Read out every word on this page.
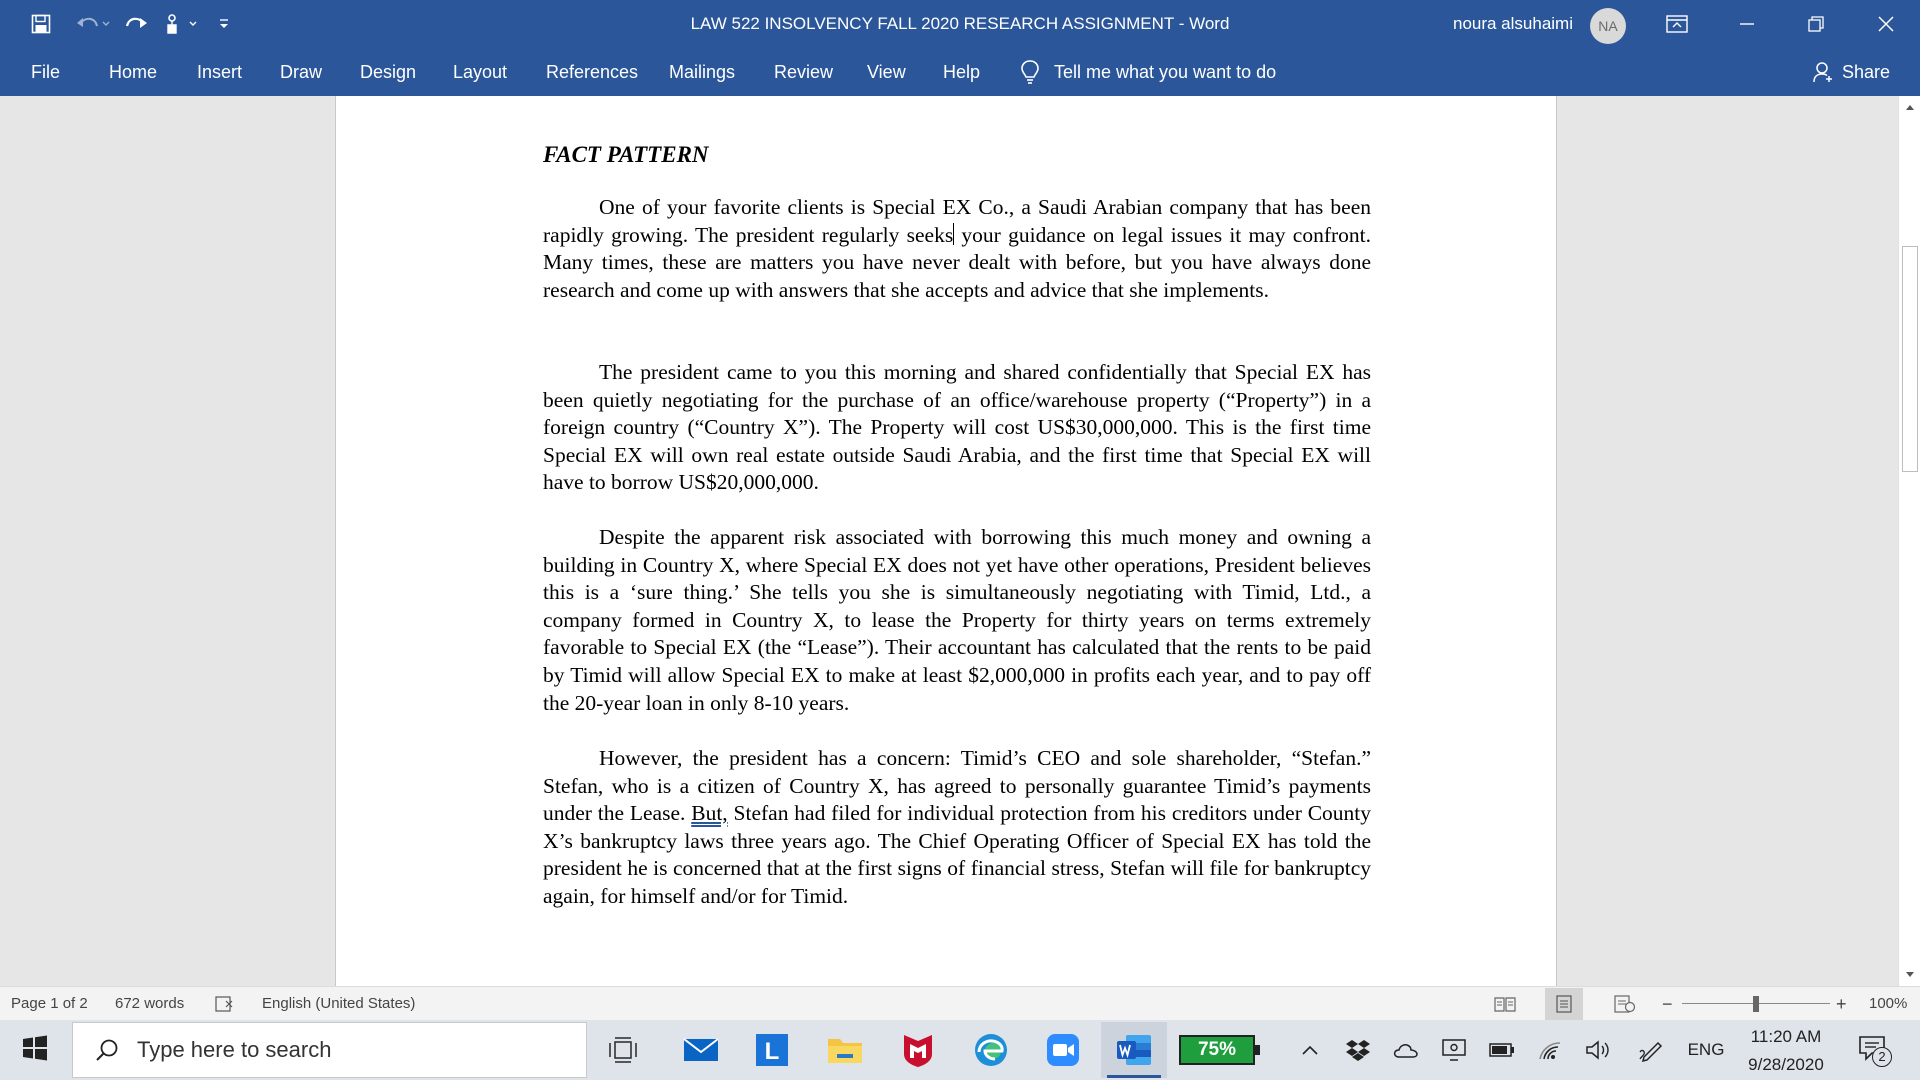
LAW 522 INSOLVENCY FALL 2020 RESEARCH ASSIGNMENT - Word	noura alsuhaimi	NA
File	Home Insert Draw Design Layout References Mailings Review View Help	Tell me what you want to do	Share
FACT PATTERN

One of your favorite clients is Special EX Co., a Saudi Arabian company that has been rapidly growing. The president regularly seeks your guidance on legal issues it may confront. Many times, these are matters you have never dealt with before, but you have always done research and come up with answers that she accepts and advice that she implements.

The president came to you this morning and shared confidentially that Special EX has been quietly negotiating for the purchase of an office/warehouse property (“Property”) in a foreign country (“Country X”). The Property will cost US$30,000,000. This is the first time Special EX will own real estate outside Saudi Arabia, and the first time that Special EX will have to borrow US$20,000,000.

Despite the apparent risk associated with borrowing this much money and owning a building in Country X, where Special EX does not yet have other operations, President believes this is a ‘sure thing.’ She tells you she is simultaneously negotiating with Timid, Ltd., a company formed in Country X, to lease the Property for thirty years on terms extremely favorable to Special EX (the “Lease”). Their accountant has calculated that the rents to be paid by Timid will allow Special EX to make at least $2,000,000 in profits each year, and to pay off the 20-year loan in only 8-10 years.

However, the president has a concern: Timid’s CEO and sole shareholder, “Stefan.” Stefan, who is a citizen of Country X, has agreed to personally guarantee Timid’s payments under the Lease. But, Stefan had filed for individual protection from his creditors under County X’s bankruptcy laws three years ago. The Chief Operating Officer of Special EX has told the president he is concerned that at the first signs of financial stress, Stefan will file for bankruptcy again, for himself and/or for Timid.

Page 1 of 2 672 words	English (United States)	−	+ 100%
Type here to search	L	75%	ENG
11:20 AM
9/28/2020	2
